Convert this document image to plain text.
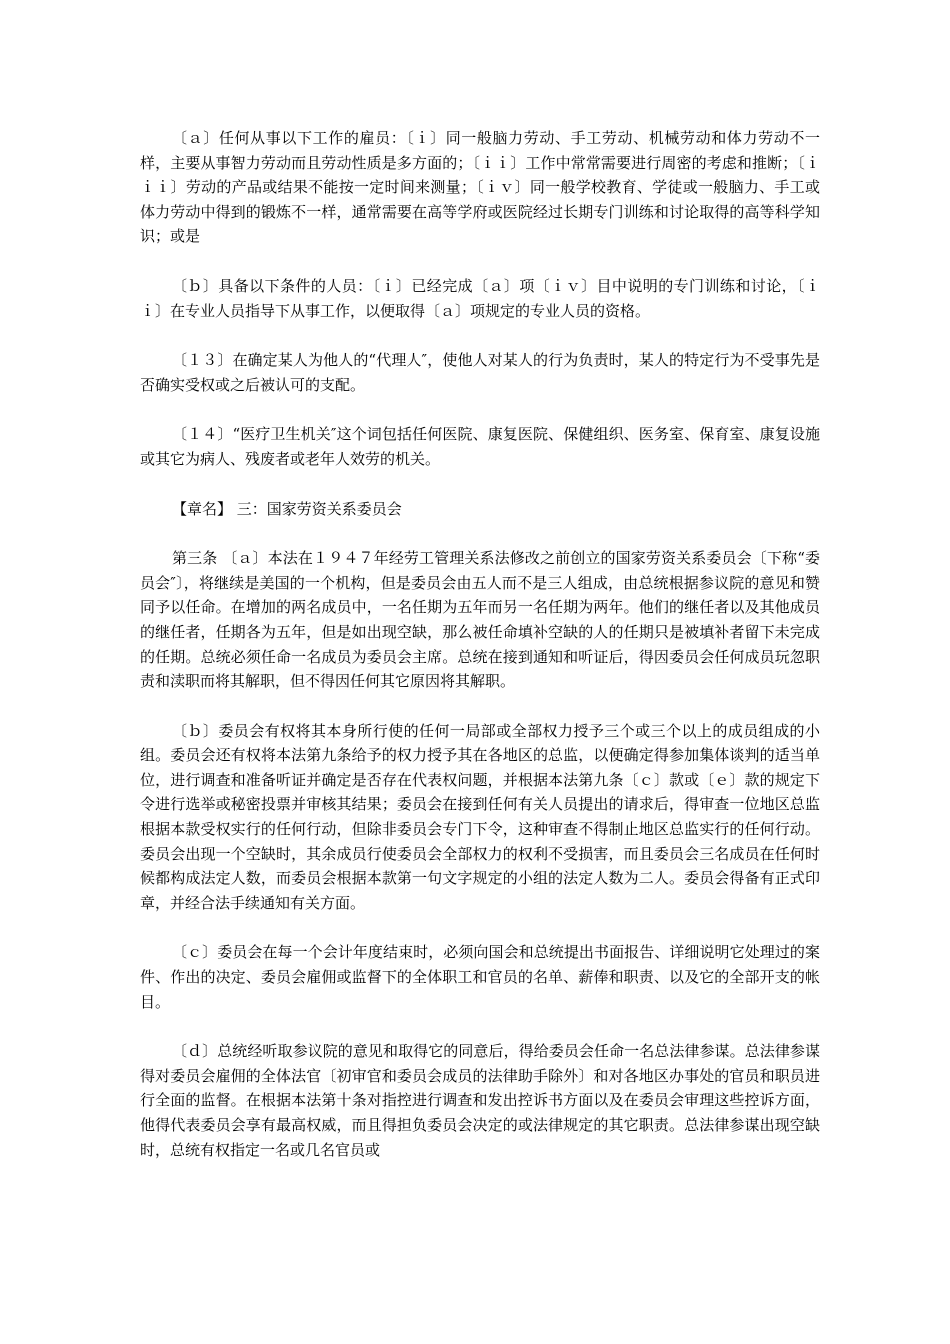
〔ａ〕任何从事以下工作的雇员：〔ｉ〕同一般脑力劳动、手工劳动、机械劳动和体力劳动不一样，主要从事智力劳动而且劳动性质是多方面的；〔ｉｉ〕工作中常常需要进行周密的考虑和推断；〔ｉｉｉ〕劳动的产品或结果不能按一定时间来测量；〔ｉｖ〕同一般学校教育、学徒或一般脑力、手工或体力劳动中得到的锻炼不一样，通常需要在高等学府或医院经过长期专门训练和讨论取得的高等科学知识；或是

〔ｂ〕具备以下条件的人员：〔ｉ〕已经完成〔ａ〕项〔ｉｖ〕目中说明的专门训练和讨论，〔ｉｉ〕在专业人员指导下从事工作，以便取得〔ａ〕项规定的专业人员的资格。

〔１３〕在确定某人为他人的“代理人″，使他人对某人的行为负责时，某人的特定行为不受事先是否确实受权或之后被认可的支配。

〔１４〕“医疗卫生机关″这个词包括任何医院、康复医院、保健组织、医务室、保育室、康复设施或其它为病人、残废者或老年人效劳的机关。

【章名】 三：国家劳资关系委员会

第三条 〔ａ〕本法在１９４７年经劳工管理关系法修改之前创立的国家劳资关系委员会〔下称“委员会″〕，将继续是美国的一个机构，但是委员会由五人而不是三人组成，由总统根据参议院的意见和赞同予以任命。在增加的两名成员中，一名任期为五年而另一名任期为两年。他们的继任者以及其他成员的继任者，任期各为五年，但是如出现空缺，那么被任命填补空缺的人的任期只是被填补者留下未完成的任期。总统必须任命一名成员为委员会主席。总统在接到通知和听证后，得因委员会任何成员玩忽职责和渎职而将其解职，但不得因任何其它原因将其解职。

〔ｂ〕委员会有权将其本身所行使的任何一局部或全部权力授予三个或三个以上的成员组成的小组。委员会还有权将本法第九条给予的权力授予其在各地区的总监，以便确定得参加集体谈判的适当单位，进行调查和准备听证并确定是否存在代表权问题，并根据本法第九条〔ｃ〕款或〔ｅ〕款的规定下令进行选举或秘密投票并审核其结果；委员会在接到任何有关人员提出的请求后，得审查一位地区总监根据本款受权实行的任何行动，但除非委员会专门下令，这种审查不得制止地区总监实行的任何行动。委员会出现一个空缺时，其余成员行使委员会全部权力的权利不受损害，而且委员会三名成员在任何时候都构成法定人数，而委员会根据本款第一句文字规定的小组的法定人数为二人。委员会得备有正式印章，并经合法手续通知有关方面。

〔ｃ〕委员会在每一个会计年度结束时，必须向国会和总统提出书面报告、详细说明它处理过的案件、作出的决定、委员会雇佣或监督下的全体职工和官员的名单、薪俸和职责、以及它的全部开支的帐目。

〔ｄ〕总统经听取参议院的意见和取得它的同意后，得给委员会任命一名总法律参谋。总法律参谋得对委员会雇佣的全体法官〔初审官和委员会成员的法律助手除外〕和对各地区办事处的官员和职员进行全面的监督。在根据本法第十条对指控进行调查和发出控诉书方面以及在委员会审理这些控诉方面，他得代表委员会享有最高权威，而且得担负委员会决定的或法律规定的其它职责。总法律参谋出现空缺时，总统有权指定一名或几名官员或
